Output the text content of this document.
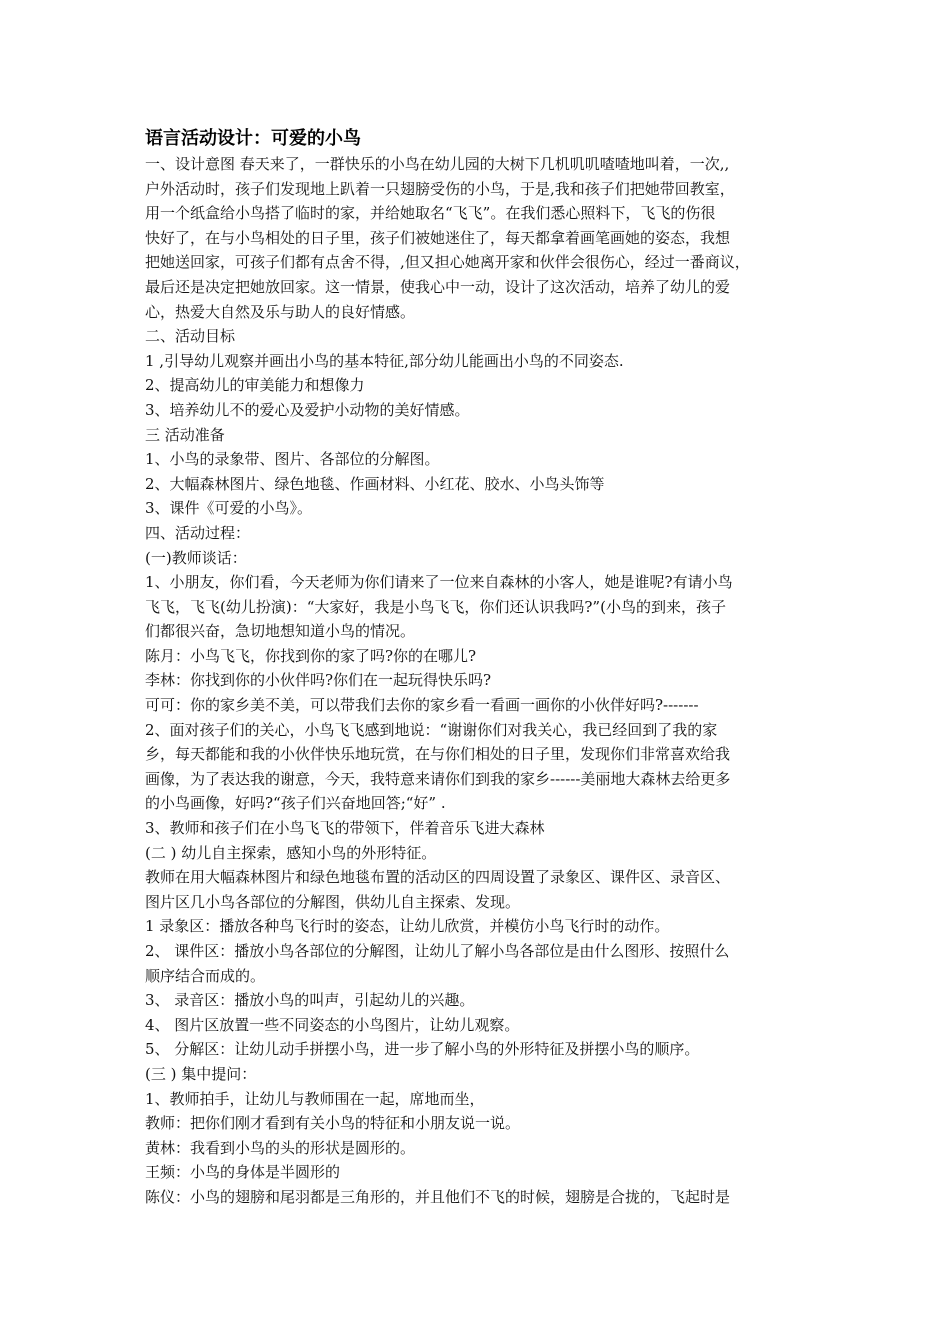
语言活动设计：可爱的小鸟

一、设计意图 春天来了，一群快乐的小鸟在幼儿园的大树下几机叽叽喳喳地叫着，一次,,

户外活动时，孩子们发现地上趴着一只翅膀受伤的小鸟，于是,我和孩子们把她带回教室，

用一个纸盒给小鸟搭了临时的家，并给她取名“飞飞”。在我们悉心照料下，飞飞的伤很

快好了，在与小鸟相处的日子里，孩子们被她迷住了，每天都拿着画笔画她的姿态，我想

把她送回家，可孩子们都有点舍不得，,但又担心她离开家和伙伴会很伤心，经过一番商议，

最后还是决定把她放回家。这一情景，使我心中一动，设计了这次活动，培养了幼儿的爱

心，热爱大自然及乐与助人的良好情感。

二、活动目标

1 ,引导幼儿观察并画出小鸟的基本特征,部分幼儿能画出小鸟的不同姿态.

2、提高幼儿的审美能力和想像力

3、培养幼儿不的爱心及爱护小动物的美好情感。

三 活动准备

1、小鸟的录象带、图片、各部位的分解图。

2、大幅森林图片、绿色地毯、作画材料、小红花、胶水、小鸟头饰等

3、课件《可爱的小鸟》。

四、活动过程：

(一)教师谈话：

1、小朋友，你们看，今天老师为你们请来了一位来自森林的小客人，她是谁呢?有请小鸟

飞飞，飞飞(幼儿扮演)：“大家好，我是小鸟飞飞，你们还认识我吗?”(小鸟的到来，孩子

们都很兴奋，急切地想知道小鸟的情况。

陈月：小鸟飞飞，你找到你的家了吗?你的在哪儿?

李林：你找到你的小伙伴吗?你们在一起玩得快乐吗?

可可：你的家乡美不美，可以带我们去你的家乡看一看画一画你的小伙伴好吗?-------

2、面对孩子们的关心，小鸟飞飞感到地说：“谢谢你们对我关心，我已经回到了我的家

乡，每天都能和我的小伙伴快乐地玩赏，在与你们相处的日子里，发现你们非常喜欢给我

画像，为了表达我的谢意，今天，我特意来请你们到我的家乡------美丽地大森林去给更多

的小鸟画像，好吗?“孩子们兴奋地回答;“好” .

3、教师和孩子们在小鸟飞飞的带领下，伴着音乐飞进大森林

(二 ) 幼儿自主探索，感知小鸟的外形特征。

教师在用大幅森林图片和绿色地毯布置的活动区的四周设置了录象区、课件区、录音区、

图片区几小鸟各部位的分解图，供幼儿自主探索、发现。

1 录象区：播放各种鸟飞行时的姿态，让幼儿欣赏，并模仿小鸟飞行时的动作。

2、 课件区：播放小鸟各部位的分解图，让幼儿了解小鸟各部位是由什么图形、按照什么

顺序结合而成的。

3、 录音区：播放小鸟的叫声，引起幼儿的兴趣。

4、 图片区放置一些不同姿态的小鸟图片，让幼儿观察。

5、 分解区：让幼儿动手拼摆小鸟，进一步了解小鸟的外形特征及拼摆小鸟的顺序。

(三 ) 集中提问：

1、教师拍手，让幼儿与教师围在一起，席地而坐，

教师：把你们刚才看到有关小鸟的特征和小朋友说一说。

黄林：我看到小鸟的头的形状是圆形的。

王频：小鸟的身体是半圆形的

陈仪：小鸟的翅膀和尾羽都是三角形的，并且他们不飞的时候，翅膀是合拢的，飞起时是
